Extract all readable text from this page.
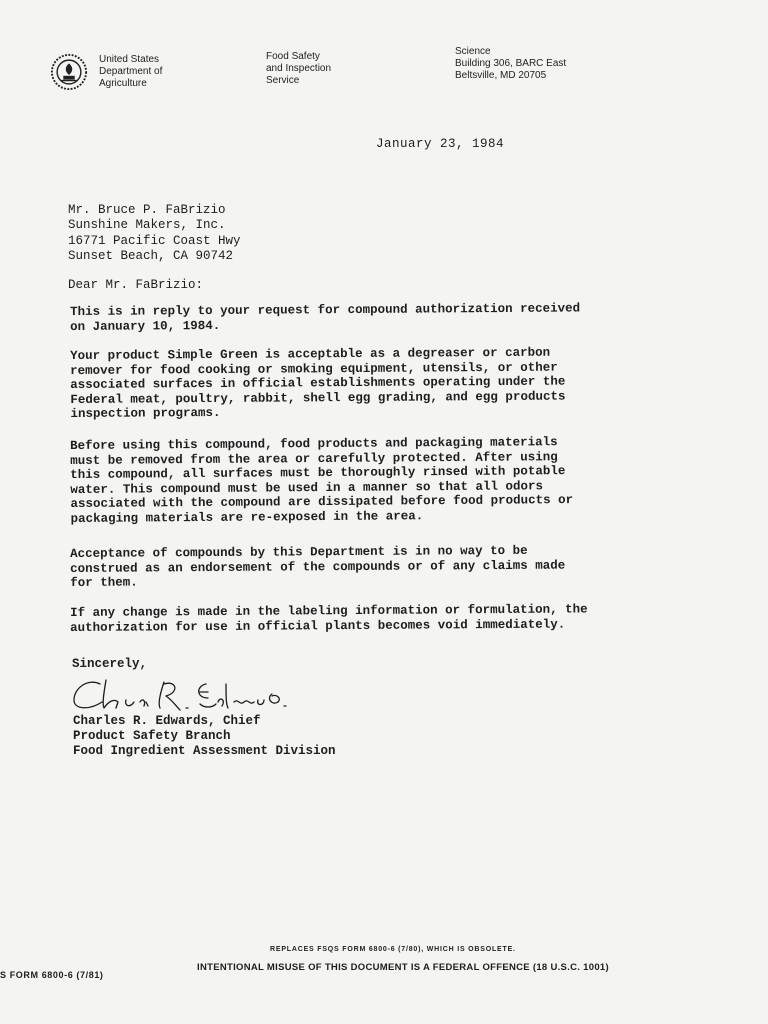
United States
Department of
Agriculture
Food Safety
and Inspection
Service
Science
Building 306, BARC East
Beltsville, MD 20705
January 23, 1984
Mr. Bruce P. FaBrizio
Sunshine Makers, Inc.
16771 Pacific Coast Hwy
Sunset Beach, CA 90742
Dear Mr. FaBrizio:
This is in reply to your request for compound authorization received
on January 10, 1984.
Your product Simple Green is acceptable as a degreaser or carbon
remover for food cooking or smoking equipment, utensils, or other
associated surfaces in official establishments operating under the
Federal meat, poultry, rabbit, shell egg grading, and egg products
inspection programs.
Before using this compound, food products and packaging materials
must be removed from the area or carefully protected. After using
this compound, all surfaces must be thoroughly rinsed with potable
water. This compound must be used in a manner so that all odors
associated with the compound are dissipated before food products or
packaging materials are re-exposed in the area.
Acceptance of compounds by this Department is in no way to be
construed as an endorsement of the compounds or of any claims made
for them.
If any change is made in the labeling information or formulation, the
authorization for use in official plants becomes void immediately.
Sincerely,
Charles R. Edwards, Chief
Product Safety Branch
Food Ingredient Assessment Division
REPLACES FSQS FORM 6800-6 (7/80), WHICH IS OBSOLETE.
S FORM 6800-6 (7/81)
INTENTIONAL MISUSE OF THIS DOCUMENT IS A FEDERAL OFFENCE (18 U.S.C. 1001)
